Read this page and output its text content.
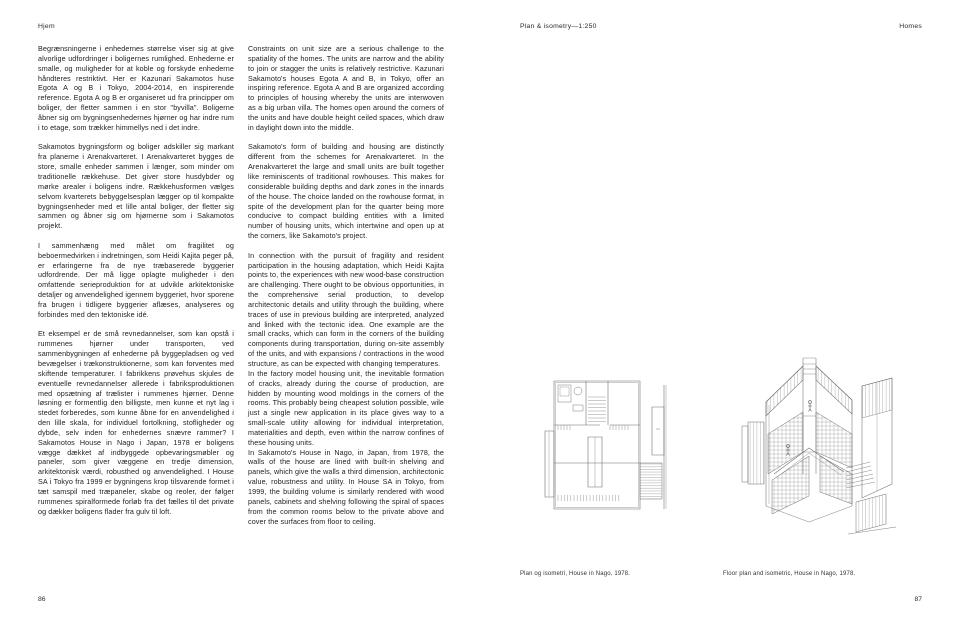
Hjem	Plan & isometry—1:250	Homes

Begrænsningerne i enhedernes størrelse viser sig at give alvorlige udfordringer i boligernes rumlighed. Enhederne er smalle, og muligheder for at koble og forskyde enhederne håndteres restriktivt. Her er Kazunari Sakamotos huse Egota A og B i Tokyo, 2004-2014, en inspirerende reference. Egota A og B er organiseret ud fra principper om boliger, der fletter sammen i en stor "byvilla". Boligerne åbner sig om bygningsenhedernes hjørner og har indre rum i to etage, som trækker himmellys ned i det indre.

Sakamotos bygningsform og boliger adskiller sig markant fra planerne i Arenakvarteret. I Arenakvarteret bygges de store, smalle enheder sammen i længer, som minder om traditionelle rækkehuse. Det giver store husdybder og mørke arealer i boligens indre. Rækkehusformen vælges selvom kvarterets bebyggelsesplan lægger op til kompakte bygningsenheder med et lille antal boliger, der fletter sig sammen og åbner sig om hjørnerne som i Sakamotos projekt.

I sammenhæng med målet om fragilitet og beboermedvirken i indretningen, som Heidi Kajita peger på, er erfaringerne fra de nye træbaserede byggerier udfordrende. Der må ligge oplagte muligheder i den omfattende serieproduktion for at udvikle arkitektoniske detaljer og anvendelighed igennem byggeriet, hvor sporene fra brugen i tidligere byggerier aflæses, analyseres og forbindes med den tektoniske idé.

Et eksempel er de små revnedannelser, som kan opstå i rummenes hjørner under transporten, ved sammenbygningen af enhederne på byggepladsen og ved bevægelser i trækonstruktionerne, som kan forventes med skiftende temperaturer. I fabrikkens prøvehus skjules de eventuelle revnedannelser allerede i fabriksproduktionen med opsætning af trælister i rummenes hjørner. Denne løsning er formentlig den billigste, men kunne et nyt lag i stedet forberedes, som kunne åbne for en anvendelighed i den lille skala, for individuel fortolkning, stofligheder og dybde, selv inden for enhedernes snævre rammer? I Sakamotos House in Nago i Japan, 1978 er boligens vægge dækket af indbyggede opbevaringsmøbler og paneler, som giver væggene en tredje dimension, arkitektonisk værdi, robusthed og anvendelighed. I House SA i Tokyo fra 1999 er bygningens krop tilsvarende formet i tæt samspil med træpaneler, skabe og reoler, der følger rummenes spiralformede forløb fra det fælles til det private og dækker boligens flader fra gulv til loft.

Constraints on unit size are a serious challenge to the spatiality of the homes. The units are narrow and the ability to join or stagger the units is relatively restrictive. Kazunari Sakamoto's houses Egota A and B, in Tokyo, offer an inspiring reference. Egota A and B are organized according to principles of housing whereby the units are interwoven as a big urban villa. The homes open around the corners of the units and have double height ceiled spaces, which draw in daylight down into the middle.

Sakamoto's form of building and housing are distinctly different from the schemes for Arenakvarteret. In the Arenakvarteret the large and small units are built together like reminiscents of traditional rowhouses. This makes for considerable building depths and dark zones in the innards of the house. The choice landed on the rowhouse format, in spite of the development plan for the quarter being more conducive to compact building entities with a limited number of housing units, which intertwine and open up at the corners, like Sakamoto's project.

In connection with the pursuit of fragility and resident participation in the housing adaptation, which Heidi Kajita points to, the experiences with new wood-base construction are challenging. There ought to be obvious opportunities, in the comprehensive serial production, to develop architectonic details and utility through the building, where traces of use in previous building are interpreted, analyzed and linked with the tectonic idea. One example are the small cracks, which can form in the corners of the building components during transportation, during on-site assembly of the units, and with expansions / contractions in the wood structure, as can be expected with changing temperatures.

In the factory model housing unit, the inevitable formation of cracks, already during the course of production, are hidden by mounting wood moldings in the corners of the rooms. This probably being cheapest solution possible, wile just a single new application in its place gives way to a small-scale utility allowing for individual interpretation, materialities and depth, even within the narrow confines of these housing units.

In Sakamoto's House in Nago, in Japan, from 1978, the walls of the house are lined with built-in shelving and panels, which give the walls a third dimension, architectonic value, robustness and utility. In House SA in Tokyo, from 1999, the building volume is similarly rendered with wood panels, cabinets and shelving following the spiral of spaces from the common rooms below to the private above and cover the surfaces from floor to ceiling.

Plan og isometri, House in Nago, 1978.	Floor plan and isometric, House in Nago, 1978.
86	87
